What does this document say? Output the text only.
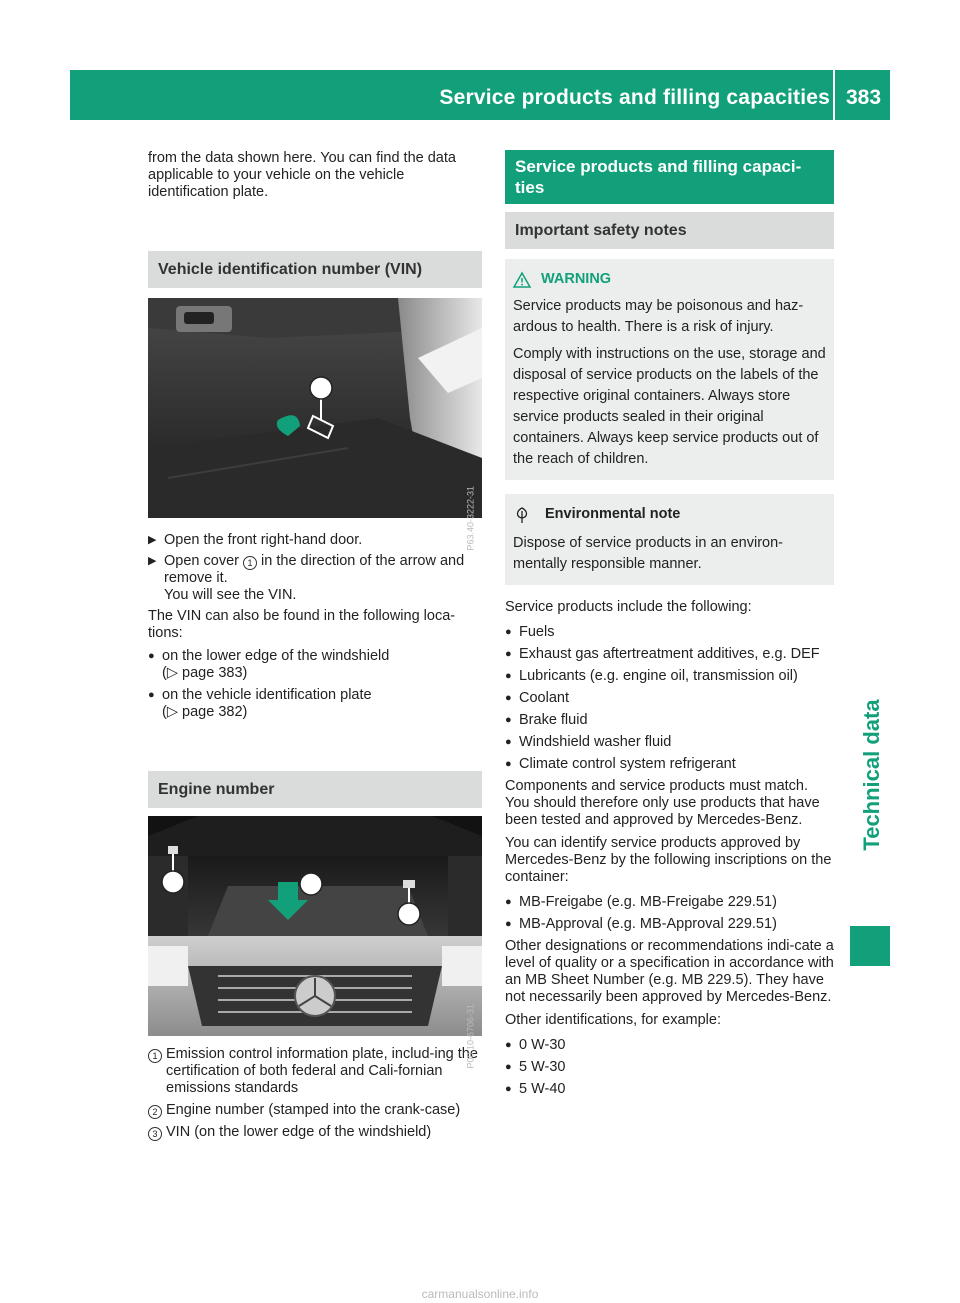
Service products and filling capacities 383
Technical data

from the data shown here. You can find the data applicable to your vehicle on the vehicle identification plate.

Vehicle identification number (VIN)
P63.40-3222-31
▶ Open the front right-hand door.
▶ Open cover 1 in the direction of the arrow and remove it.
You will see the VIN.

The VIN can also be found in the following loca-tions:

● on the lower edge of the windshield
(▷ page 383)
● on the vehicle identification plate
(▷ page 382)
Engine number
P00.10-6706-31
1 Emission control information plate, includ-ing the certification of both federal and Cali-fornian emissions standards
2 Engine number (stamped into the crank-case)
3 VIN (on the lower edge of the windshield)
Service products and filling capaci-ties
Important safety notes
WARNING

Service products may be poisonous and haz-ardous to health. There is a risk of injury.

Comply with instructions on the use, storage and disposal of service products on the labels of the respective original containers. Always store service products sealed in their original containers. Always keep service products out of the reach of children.

Environmental note

Dispose of service products in an environ-mentally responsible manner.

Service products include the following:

● Fuels
● Exhaust gas aftertreatment additives, e.g. DEF
● Lubricants (e.g. engine oil, transmission oil)
● Coolant
● Brake fluid
● Windshield washer fluid
● Climate control system refrigerant

Components and service products must match. You should therefore only use products that have been tested and approved by Mercedes-Benz.

You can identify service products approved by Mercedes-Benz by the following inscriptions on the container:

● MB-Freigabe (e.g. MB-Freigabe 229.51)
● MB-Approval (e.g. MB-Approval 229.51)

Other designations or recommendations indi-cate a level of quality or a specification in accordance with an MB Sheet Number (e.g. MB 229.5). They have not necessarily been approved by Mercedes-Benz.

Other identifications, for example:

● 0 W-30
● 5 W-30
● 5 W-40
carmanualsonline.info
